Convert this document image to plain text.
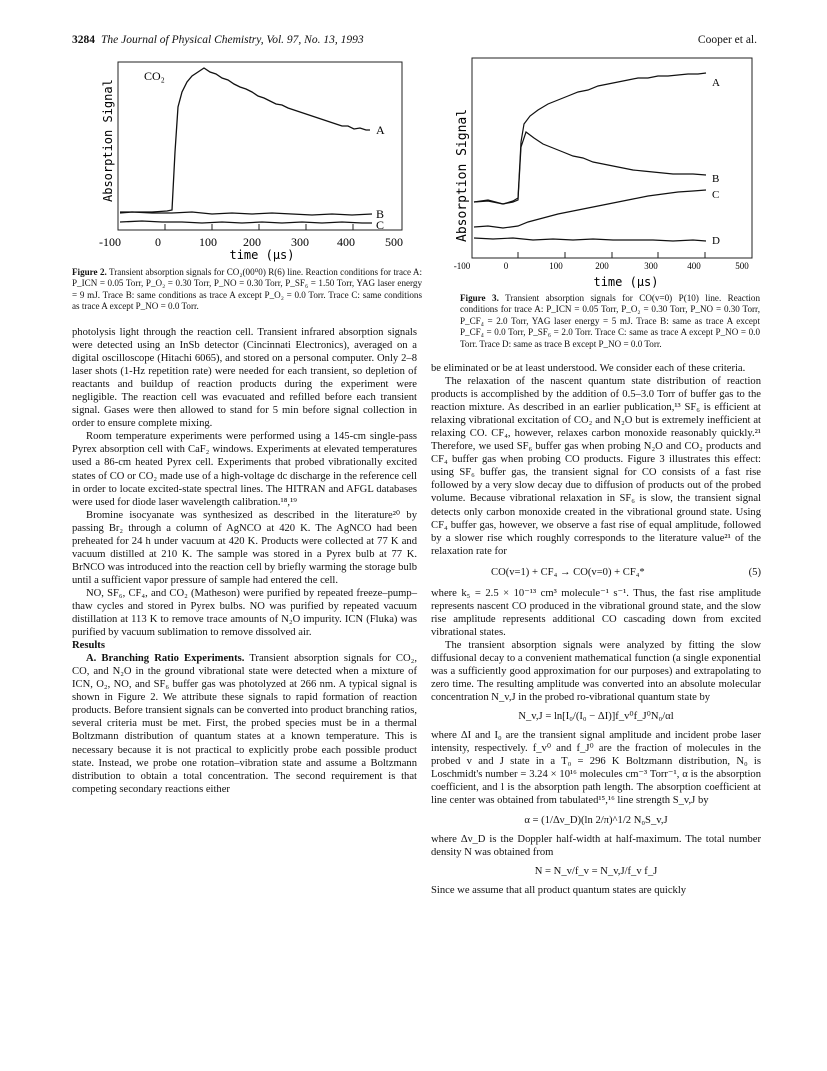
3284 The Journal of Physical Chemistry, Vol. 97, No. 13, 1993	Cooper et al.
-100	0	100 200	300 400	500
time (μs)
Absorption Signal
CO₂
A
B
C
Figure 2. Transient absorption signals for CO₂(00⁰0) R(6) line. Reaction conditions for trace A: P_ICN = 0.05 Torr, P_O₂ = 0.30 Torr, P_NO = 0.30 Torr, P_SF₆ = 1.50 Torr, YAG laser energy = 9 mJ. Trace B: same conditions as trace A except P_O₂ = 0.0 Torr. Trace C: same conditions as trace A except P_NO = 0.0 Torr.
-100	0	100	200	300	400	500
time (μs)
Absorption Signal
A
B
C
D
Figure 3. Transient absorption signals for CO(v=0) P(10) line. Reaction conditions for trace A: P_ICN = 0.05 Torr, P_O₂ = 0.30 Torr, P_NO = 0.30 Torr, P_CF₄ = 2.0 Torr, YAG laser energy = 5 mJ. Trace B: same as trace A except P_CF₄ = 0.0 Torr, P_SF₆ = 2.0 Torr. Trace C: same as trace A except P_NO = 0.0 Torr. Trace D: same as trace B except P_NO = 0.0 Torr.

photolysis light through the reaction cell. Transient infrared absorption signals were detected using an InSb detector (Cincinnati Electronics), averaged on a digital oscilloscope (Hitachi 6065), and stored on a personal computer. Only 2–8 laser shots (1-Hz repetition rate) were needed for each transient, so depletion of reactants and buildup of reaction products during the experiment were negligible. The reaction cell was evacuated and refilled before each transient signal. Gases were then allowed to stand for 5 min before signal collection in order to ensure complete mixing.

Room temperature experiments were performed using a 145-cm single-pass Pyrex absorption cell with CaF₂ windows. Experiments at elevated temperatures used a 86-cm heated Pyrex cell. Experiments that probed vibrationally excited states of CO or CO₂ made use of a high-voltage dc discharge in the reference cell in order to locate excited-state spectral lines. The HITRAN and AFGL databases were used for diode laser wavelength calibration.¹⁸,¹⁹

Bromine isocyanate was synthesized as described in the literature²⁰ by passing Br₂ through a column of AgNCO at 420 K. The AgNCO had been preheated for 24 h under vacuum at 420 K. Products were collected at 77 K and vacuum distilled at 210 K. The sample was stored in a Pyrex bulb at 77 K. BrNCO was introduced into the reaction cell by briefly warming the storage bulb until a sufficient vapor pressure of sample had entered the cell.

NO, SF₆, CF₄, and CO₂ (Matheson) were purified by repeated freeze–pump–thaw cycles and stored in Pyrex bulbs. NO was purified by repeated vacuum distillation at 113 K to remove trace amounts of N₂O impurity. ICN (Fluka) was purified by vacuum sublimation to remove dissolved air.

Results

A. Branching Ratio Experiments. Transient absorption signals for CO₂, CO, and N₂O in the ground vibrational state were detected when a mixture of ICN, O₂, NO, and SF₆ buffer gas was photolyzed at 266 nm. A typical signal is shown in Figure 2. We attribute these signals to rapid formation of reaction products. Before transient signals can be converted into product branching ratios, several criteria must be met. First, the probed species must be in a thermal Boltzmann distribution of quantum states at a known temperature. This is necessary because it is not practical to explicitly probe each possible product state. Instead, we probe one rotation–vibration state and assume a Boltzmann distribution to obtain a total concentration. The second requirement is that competing secondary reactions either

be eliminated or be at least understood. We consider each of these criteria.

The relaxation of the nascent quantum state distribution of reaction products is accomplished by the addition of 0.5–3.0 Torr of buffer gas to the reaction mixture. As described in an earlier publication,¹³ SF₆ is efficient at relaxing vibrational excitation of CO₂ and N₂O but is extremely inefficient at relaxing CO. CF₄, however, relaxes carbon monoxide reasonably quickly.²¹ Therefore, we used SF₆ buffer gas when probing N₂O and CO₂ products and CF₄ buffer gas when probing CO products. Figure 3 illustrates this effect: using SF₆ buffer gas, the transient signal for CO consists of a fast rise followed by a very slow decay due to diffusion of products out of the probed volume. Because vibrational relaxation in SF₆ is slow, the transient signal detects only carbon monoxide created in the vibrational ground state. Using CF₄ buffer gas, however, we observe a fast rise of equal amplitude, followed by a slower rise which roughly corresponds to the literature value²¹ of the relaxation rate for

CO(v=1) + CF₄ → CO(v=0) + CF₄*	(5)

where k₅ = 2.5 × 10⁻¹³ cm³ molecule⁻¹ s⁻¹. Thus, the fast rise amplitude represents nascent CO produced in the vibrational ground state, and the slow rise amplitude represents additional CO cascading down from excited vibrational states.

The transient absorption signals were analyzed by fitting the slow diffusional decay to a convenient mathematical function (a single exponential was a sufficiently good approximation for our purposes) and extrapolating to zero time. The resulting amplitude was converted into an absolute molecular concentration N_v,J in the probed ro-vibrational quantum state by

N_v,J = ln[I₀/(I₀ − ΔI)]f_v⁰f_J⁰N₀/αl

where ΔI and I₀ are the transient signal amplitude and incident probe laser intensity, respectively. f_v⁰ and f_J⁰ are the fraction of molecules in the probed v and J state in a T₀ = 296 K Boltzmann distribution, N₀ is Loschmidt's number = 3.24 × 10¹⁶ molecules cm⁻³ Torr⁻¹, α is the absorption coefficient, and l is the absorption path length. The absorption coefficient at line center was obtained from tabulated¹⁵,¹⁶ line strength S_v,J by

α = (1/Δν_D)(ln 2/π)^1/2 N₀S_v,J

where Δν_D is the Doppler half-width at half-maximum. The total number density N was obtained from

N = N_v/f_v = N_v,J/f_v f_J

Since we assume that all product quantum states are quickly
